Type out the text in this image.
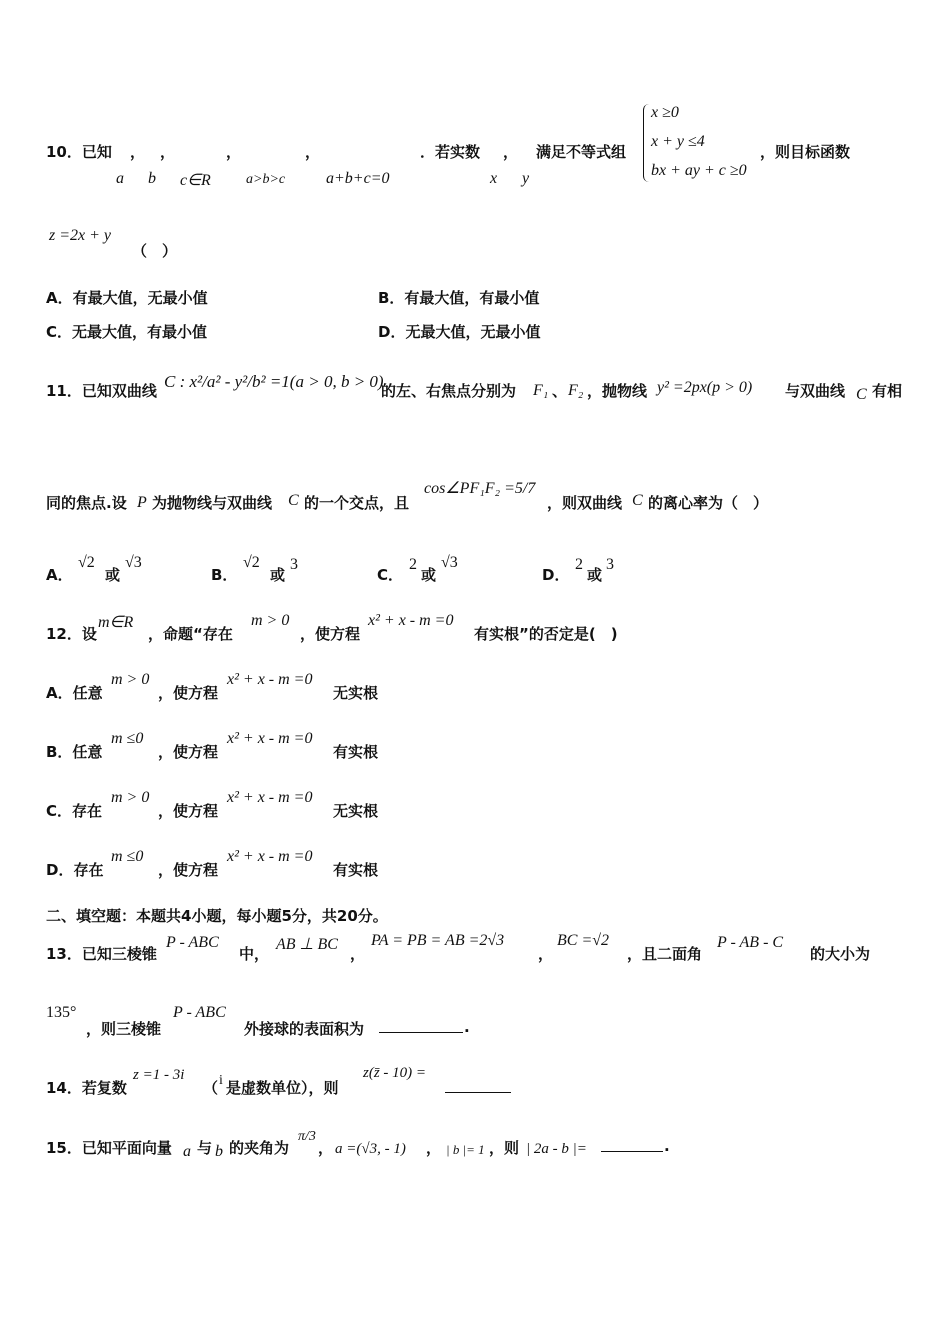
10．已知 ， ，	，	，	．若实数 ， 满足不等式组	，则目标函数
a b c∈R	a>b>c	a+b+c=0	x y
x ≥0
x + y ≤4
bx + ay + c ≥0
z =2x + y
（　）
A．有最大值，无最小值	B．有最大值，有最小值
C．无最大值，有最小值	D．无最大值，无最小值
11．已知双曲线 C : x²/a² - y²/b² =1(a > 0, b > 0)
的左、右焦点分别为 F₁ 、 F₂ ，抛物线 y² =2px(p > 0) 与双曲线 C 有相
同的焦点.设 P 为抛物线与双曲线 C 的一个交点，且
cos∠PF₁F₂ =5/7
，则双曲线 C 的离心率为（　）
A．
√2
或
√3
B．
√2
或
3
C．
2
或
√3
D．
2
或
3
12．设
m∈R
，命题“存在
m > 0
，使方程
x² + x - m =0
有实根”的否定是(　)
A．任意
m > 0
，使方程
x² + x - m =0
无实根
B．任意
m ≤0
，使方程
x² + x - m =0
有实根
C．存在
m > 0
，使方程
x² + x - m =0
无实根
D．存在
m ≤0
，使方程
x² + x - m =0
有实根
二、填空题：本题共4小题，每小题5分，共20分。
13．已知三棱锥
P - ABC
中，
AB ⊥ BC
，
PA = PB = AB =2√3
，
BC =√2
，且二面角
P - AB - C
的大小为
135°
，则三棱锥
P - ABC
外接球的表面积为	.
14．若复数
z =1 - 3i
（ i 是虚数单位），则
z(z̄ - 10) =
15．已知平面向量 a 与 b 的夹角为
π/3
， a =(√3, - 1) ， | b |= 1 ，则 | 2a - b |=	.
